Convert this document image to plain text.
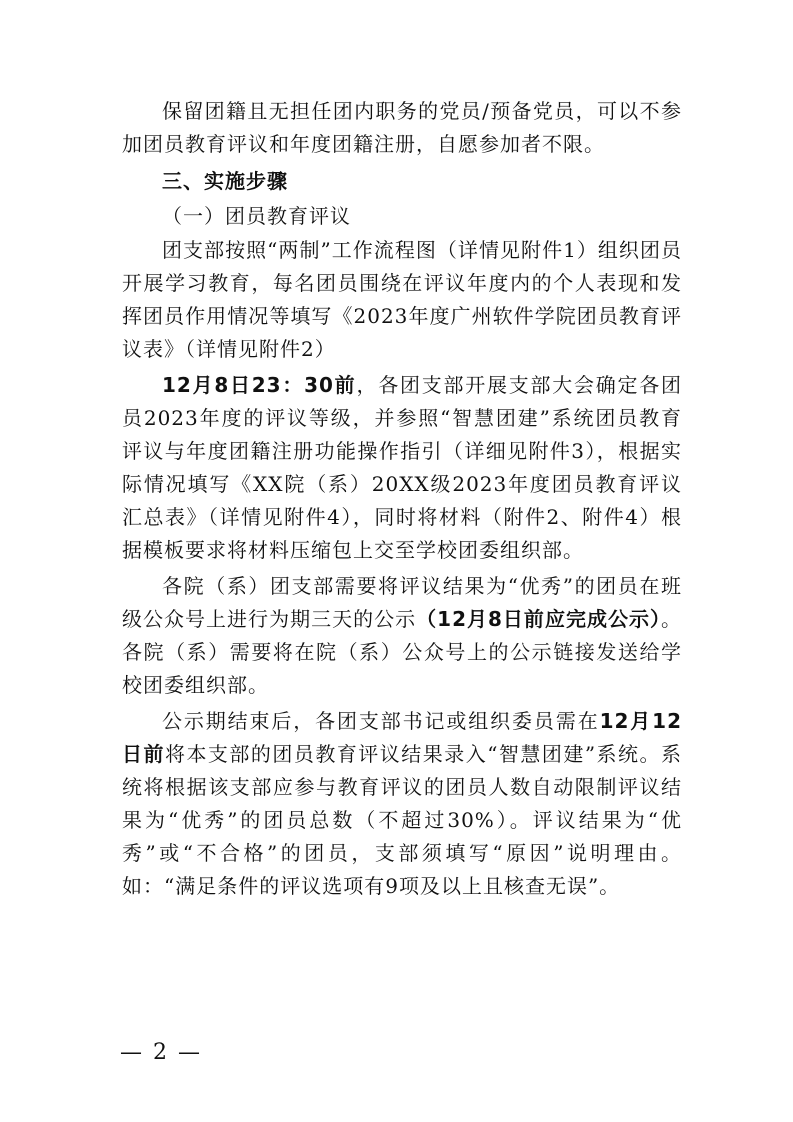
保留团籍且无担任团内职务的党员/预备党员，可以不参加团员教育评议和年度团籍注册，自愿参加者不限。

三、实施步骤

（一）团员教育评议

团支部按照“两制”工作流程图（详情见附件1）组织团员开展学习教育，每名团员围绕在评议年度内的个人表现和发挥团员作用情况等填写《2023年度广州软件学院团员教育评议表》（详情见附件2）

12月8日23：30前，各团支部开展支部大会确定各团员2023年度的评议等级，并参照“智慧团建”系统团员教育评议与年度团籍注册功能操作指引（详细见附件3），根据实际情况填写《XX院（系）20XX级2023年度团员教育评议汇总表》（详情见附件4），同时将材料（附件2、附件4）根据模板要求将材料压缩包上交至学校团委组织部。

各院（系）团支部需要将评议结果为“优秀”的团员在班级公众号上进行为期三天的公示（12月8日前应完成公示）。各院（系）需要将在院（系）公众号上的公示链接发送给学校团委组织部。

公示期结束后，各团支部书记或组织委员需在12月12日前将本支部的团员教育评议结果录入“智慧团建”系统。系统将根据该支部应参与教育评议的团员人数自动限制评议结果为“优秀”的团员总数（不超过30%）。评议结果为“优秀”或“不合格”的团员，支部须填写“原因”说明理由。如：“满足条件的评议选项有9项及以上且核查无误”。

— 2 —
